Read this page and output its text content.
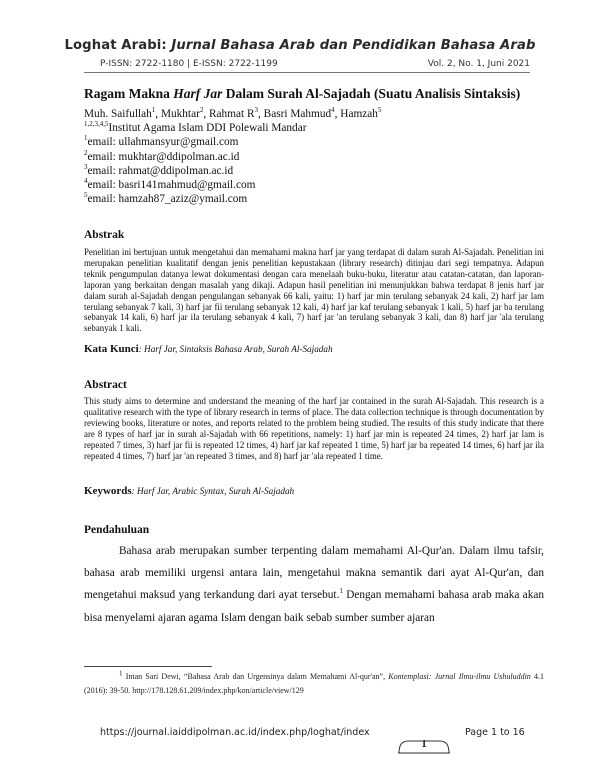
Loghat Arabi: Jurnal Bahasa Arab dan Pendidikan Bahasa Arab
P-ISSN: 2722-1180 | E-ISSN: 2722-1199	Vol. 2, No. 1, Juni 2021
Ragam Makna Harf Jar Dalam Surah Al-Sajadah (Suatu Analisis Sintaksis)
Muh. Saifullah$^1$, Mukhtar$^2$, Rahmat $R^3$, Basri Mahmud$^4$, Hamzah$^5$
$^{1,2,3,4,5}$Institut Agama Islam DDI Polewali Mandar
$^1$email: ullahmansyur@gmail.com
$^2$email: mukhtar@ddipolman.ac.id
$^3$email: rahmat@ddipolman.ac.id
$^4$email: basri141mahmud@gmail.com
$^5$email: hamzah87_aziz@ymail.com
Abstrak
Penelitian ini bertujuan untuk mengetahui dan memahami makna harf jar yang terdapat di dalam surah Al-Sajadah. Penelitian ini merupakan penelitian kualitatif dengan jenis penelitian kepustakaan (library research) ditinjau dari segi tempatnya. Adapun teknik pengumpulan datanya lewat dokumentasi dengan cara menelaah buku-buku, literatur atau catatan-catatan, dan laporan-laporan yang berkaitan dengan masalah yang dikaji. Adapun hasil penelitian ini menunjukkan bahwa terdapat 8 jenis harf jar dalam surah al-Sajadah dengan pengulangan sebanyak 66 kali, yaitu: 1) harf jar min terulang sebanyak 24 kali, 2) harf jar lam terulang sebanyak 7 kali, 3) harf jar fii terulang sebanyak 12 kali, 4) harf jar kaf terulang sebanyak 1 kali, 5) harf jar ba terulang sebanyak 14 kali, 6) harf jar ila terulang sebanyak 4 kali, 7) harf jar 'an terulang sebanyak 3 kali, dan 8) harf jar 'ala terulang sebanyak 1 kali.
Kata Kunci: Harf Jar, Sintaksis Bahasa Arab, Surah Al-Sajadah
Abstract
This study aims to determine and understand the meaning of the harf jar contained in the surah Al-Sajadah. This research is a qualitative research with the type of library research in terms of place. The data collection technique is through documentation by reviewing books, literature or notes, and reports related to the problem being studied. The results of this study indicate that there are 8 types of harf jar in surah al-Sajadah with 66 repetitions, namely: 1) harf jar min is repeated 24 times, 2) harf jar lam is repeated 7 times, 3) harf jar fii is repeated 12 times, 4) harf jar kaf repeated 1 time, 5) harf jar ba repeated 14 times, 6) harf jar ila repeated 4 times, 7) harf jar 'an repeated 3 times, and 8) harf jar 'ala repeated 1 time.
Keywords: Harf Jar, Arabic Syntax, Surah Al-Sajadah
Pendahuluan
Bahasa arab merupakan sumber terpenting dalam memahami Al-Qur'an. Dalam ilmu tafsir, bahasa arab memiliki urgensi antara lain, mengetahui makna semantik dari ayat Al-Qur'an, dan mengetahui maksud yang terkandung dari ayat tersebut.$^1$ Dengan memahami bahasa arab maka akan bisa menyelami ajaran agama Islam dengan baik sebab sumber sumber ajaran
$^1$ Intan Sari Dewi, “Bahasa Arab dan Urgensinya dalam Memahami Al-qur'an”, Kontemplasi: Jurnal Ilmu-ilmu Ushuluddin 4.1 (2016): 39-50. http://178.128.61.209/index.php/kon/article/view/129
https://journal.iaiddipolman.ac.id/index.php/loghat/index	Page 1 to 16
1
